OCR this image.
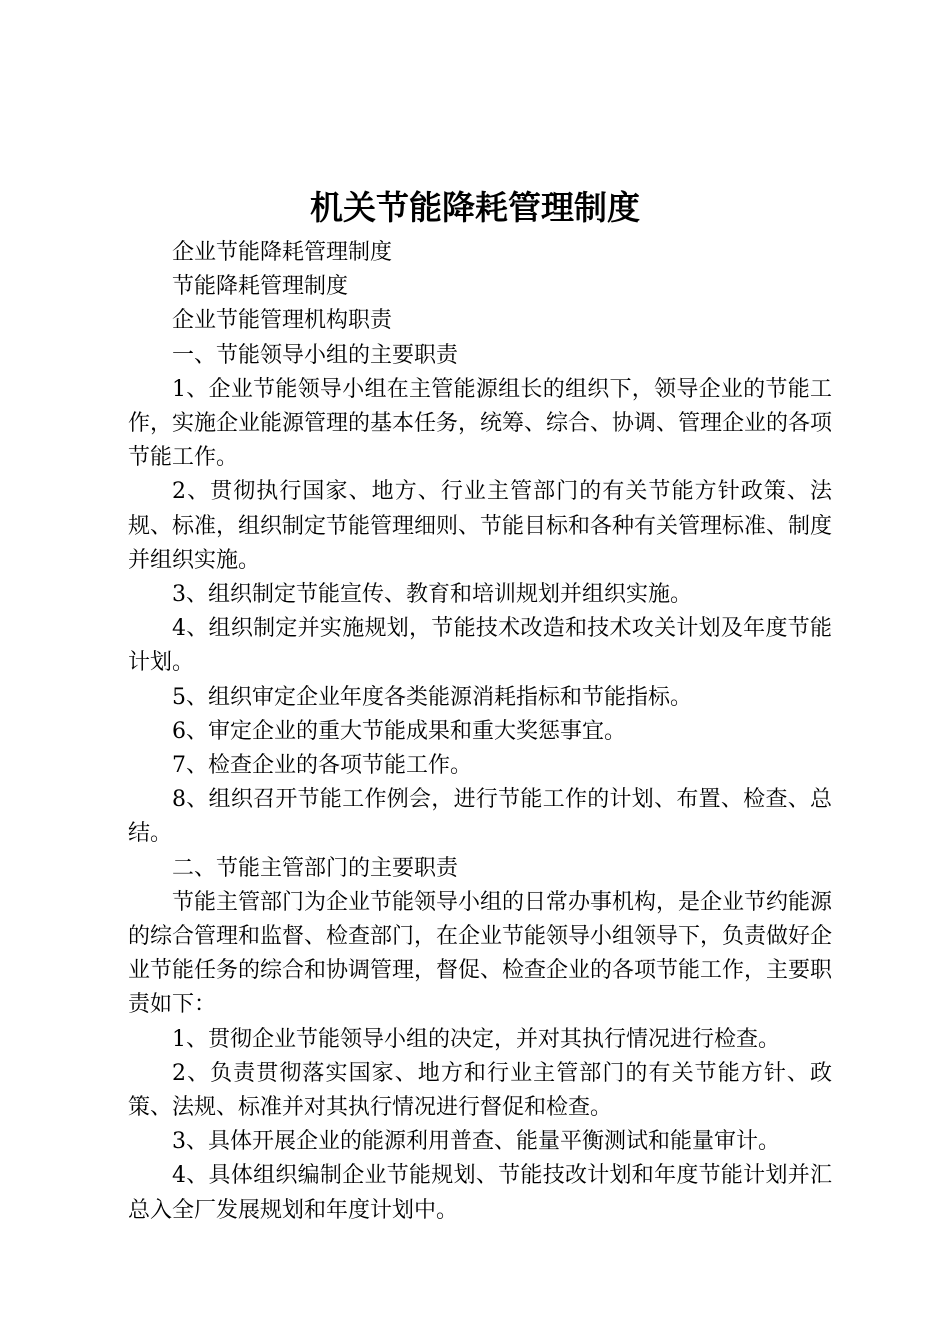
机关节能降耗管理制度

企业节能降耗管理制度

节能降耗管理制度

企业节能管理机构职责

一、节能领导小组的主要职责

1、企业节能领导小组在主管能源组长的组织下，领导企业的节能工作，实施企业能源管理的基本任务，统筹、综合、协调、管理企业的各项节能工作。

2、贯彻执行国家、地方、行业主管部门的有关节能方针政策、法规、标准，组织制定节能管理细则、节能目标和各种有关管理标准、制度并组织实施。

3、组织制定节能宣传、教育和培训规划并组织实施。

4、组织制定并实施规划，节能技术改造和技术攻关计划及年度节能计划。

5、组织审定企业年度各类能源消耗指标和节能指标。

6、审定企业的重大节能成果和重大奖惩事宜。

7、检查企业的各项节能工作。

8、组织召开节能工作例会，进行节能工作的计划、布置、检查、总结。

二、节能主管部门的主要职责

节能主管部门为企业节能领导小组的日常办事机构，是企业节约能源的综合管理和监督、检查部门，在企业节能领导小组领导下，负责做好企业节能任务的综合和协调管理，督促、检查企业的各项节能工作，主要职责如下：

1、贯彻企业节能领导小组的决定，并对其执行情况进行检查。

2、负责贯彻落实国家、地方和行业主管部门的有关节能方针、政策、法规、标准并对其执行情况进行督促和检查。

3、具体开展企业的能源利用普查、能量平衡测试和能量审计。

4、具体组织编制企业节能规划、节能技改计划和年度节能计划并汇总入全厂发展规划和年度计划中。
